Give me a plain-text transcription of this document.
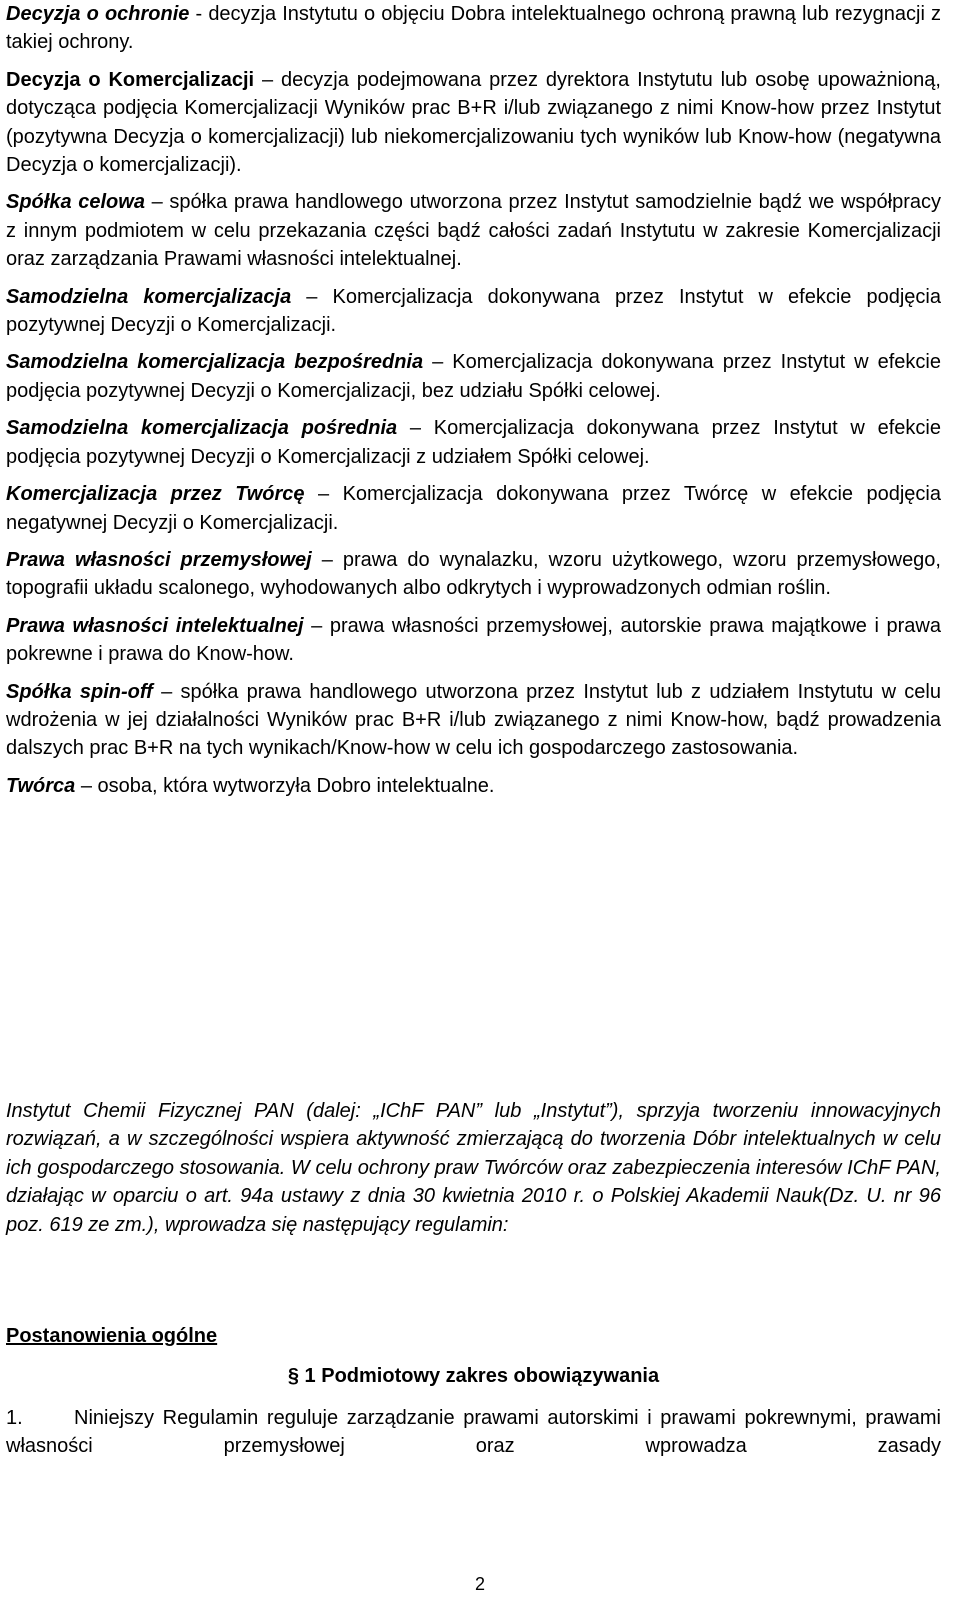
Decyzja o ochronie - decyzja Instytutu o objęciu Dobra intelektualnego ochroną prawną lub rezygnacji z takiej ochrony.

Decyzja o Komercjalizacji – decyzja podejmowana przez dyrektora Instytutu lub osobę upoważnioną, dotycząca podjęcia Komercjalizacji Wyników prac B+R i/lub związanego z nimi Know-how przez Instytut (pozytywna Decyzja o komercjalizacji) lub niekomercjalizowaniu tych wyników lub Know-how (negatywna Decyzja o komercjalizacji).

Spółka celowa – spółka prawa handlowego utworzona przez Instytut samodzielnie bądź we współpracy z innym podmiotem w celu przekazania części bądź całości zadań Instytutu w zakresie Komercjalizacji oraz zarządzania Prawami własności intelektualnej.

Samodzielna komercjalizacja – Komercjalizacja dokonywana przez Instytut w efekcie podjęcia pozytywnej Decyzji o Komercjalizacji.

Samodzielna komercjalizacja bezpośrednia – Komercjalizacja dokonywana przez Instytut w efekcie podjęcia pozytywnej Decyzji o Komercjalizacji, bez udziału Spółki celowej.

Samodzielna komercjalizacja pośrednia – Komercjalizacja dokonywana przez Instytut w efekcie podjęcia pozytywnej Decyzji o Komercjalizacji z udziałem Spółki celowej.

Komercjalizacja przez Twórcę – Komercjalizacja dokonywana przez Twórcę w efekcie podjęcia negatywnej Decyzji o Komercjalizacji.

Prawa własności przemysłowej – prawa do wynalazku, wzoru użytkowego, wzoru przemysłowego, topografii układu scalonego, wyhodowanych albo odkrytych i wyprowadzonych odmian roślin.

Prawa własności intelektualnej – prawa własności przemysłowej, autorskie prawa majątkowe i prawa pokrewne i prawa do Know-how.

Spółka spin-off – spółka prawa handlowego utworzona przez Instytut lub z udziałem Instytutu w celu wdrożenia w jej działalności Wyników prac B+R i/lub związanego z nimi Know-how, bądź prowadzenia dalszych prac B+R na tych wynikach/Know-how w celu ich gospodarczego zastosowania.

Twórca – osoba, która wytworzyła Dobro intelektualne.

Instytut Chemii Fizycznej PAN (dalej: „IChF PAN” lub „Instytut”), sprzyja tworzeniu innowacyjnych rozwiązań, a w szczególności wspiera aktywność zmierzającą do tworzenia Dóbr intelektualnych w celu ich gospodarczego stosowania. W celu ochrony praw Twórców oraz zabezpieczenia interesów IChF PAN, działając w oparciu o art. 94a ustawy z dnia 30 kwietnia 2010 r. o Polskiej Akademii Nauk(Dz. U. nr 96 poz. 619 ze zm.), wprowadza się następujący regulamin:

Postanowienia ogólne

§ 1 Podmiotowy zakres obowiązywania

1.	Niniejszy Regulamin reguluje zarządzanie prawami autorskimi i prawami pokrewnymi, prawami własności przemysłowej oraz wprowadza zasady

2
